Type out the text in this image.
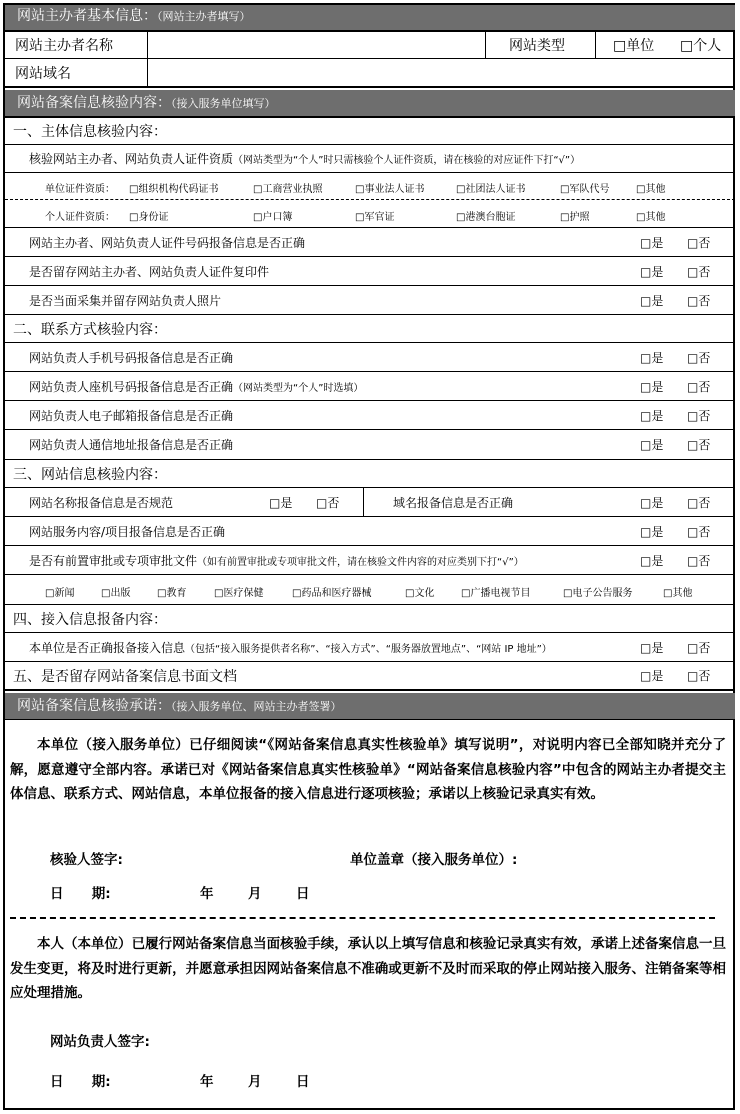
网站主办者基本信息：（网站主办者填写）
网站主办者名称	网站类型	□单位 □个人
网站域名
网站备案信息核验内容：（接入服务单位填写）
一、主体信息核验内容：
核验网站主办者、网站负责人证件资质（网站类型为“个人”时只需核验个人证件资质，请在核验的对应证件下打“√”）
单位证件资质： □组织机构代码证书	□工商营业执照	□事业法人证书	□社团法人证书	□军队代号	□其他
个人证件资质： □身份证	□户口簿	□军官证	□港澳台胞证	□护照	□其他
网站主办者、网站负责人证件号码报备信息是否正确	□是 □否
是否留存网站主办者、网站负责人证件复印件	□是 □否
是否当面采集并留存网站负责人照片	□是 □否
二、联系方式核验内容：
网站负责人手机号码报备信息是否正确	□是 □否
网站负责人座机号码报备信息是否正确（网站类型为“个人”时选填）	□是 □否
网站负责人电子邮箱报备信息是否正确	□是 □否
网站负责人通信地址报备信息是否正确	□是 □否
三、网站信息核验内容：
网站名称报备信息是否规范	□是 □否	域名报备信息是否正确	□是 □否
网站服务内容/项目报备信息是否正确	□是 □否
是否有前置审批或专项审批文件（如有前置审批或专项审批文件，请在核验文件内容的对应类别下打“√”）	□是 □否
□新闻	□出版	□教育	□医疗保健	□药品和医疗器械	□文化	□广播电视节目	□电子公告服务	□其他
四、接入信息报备内容：
本单位是否正确报备接入信息（包括“接入服务提供者名称”、“接入方式”、“服务器放置地点”、“网站 IP 地址”）	□是 □否
五、是否留存网站备案信息书面文档	□是 □否
网站备案信息核验承诺：（接入服务单位、网站主办者签署）
本单位（接入服务单位）已仔细阅读“《网站备案信息真实性核验单》填写说明”，对说明内容已全部知晓并充分了解，愿意遵守全部内容。承诺已对《网站备案信息真实性核验单》“网站备案信息核验内容”中包含的网站主办者提交主体信息、联系方式、网站信息，本单位报备的接入信息进行逐项核验；承诺以上核验记录真实有效。
核验人签字:	单位盖章（接入服务单位）:
日      期:	年	月	日
本人（本单位）已履行网站备案信息当面核验手续，承认以上填写信息和核验记录真实有效，承诺上述备案信息一旦发生变更，将及时进行更新，并愿意承担因网站备案信息不准确或更新不及时而采取的停止网站接入服务、注销备案等相应处理措施。
网站负责人签字:
日      期:	年	月	日
